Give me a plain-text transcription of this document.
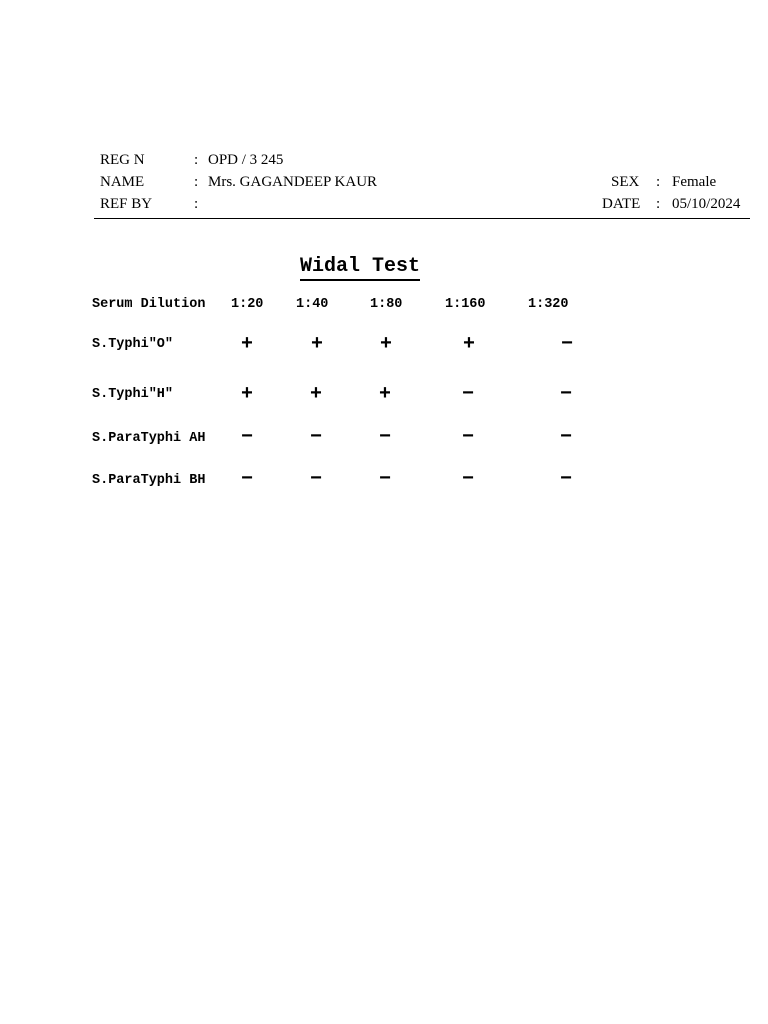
REG N	: OPD / 3 245
NAME	: Mrs. GAGANDEEP KAUR
REF BY	:
SEX : Female
DATE : 05/10/2024
Widal Test
Serum Dilution 1:20 1:40	1:80	1:160	1:320
S.Typhi"O"	+	+	+	+	−
S.Typhi"H"	+	+	+	−	−
S.ParaTyphi AH −	−	−	−	−
S.ParaTyphi BH −	−	−	−	−
